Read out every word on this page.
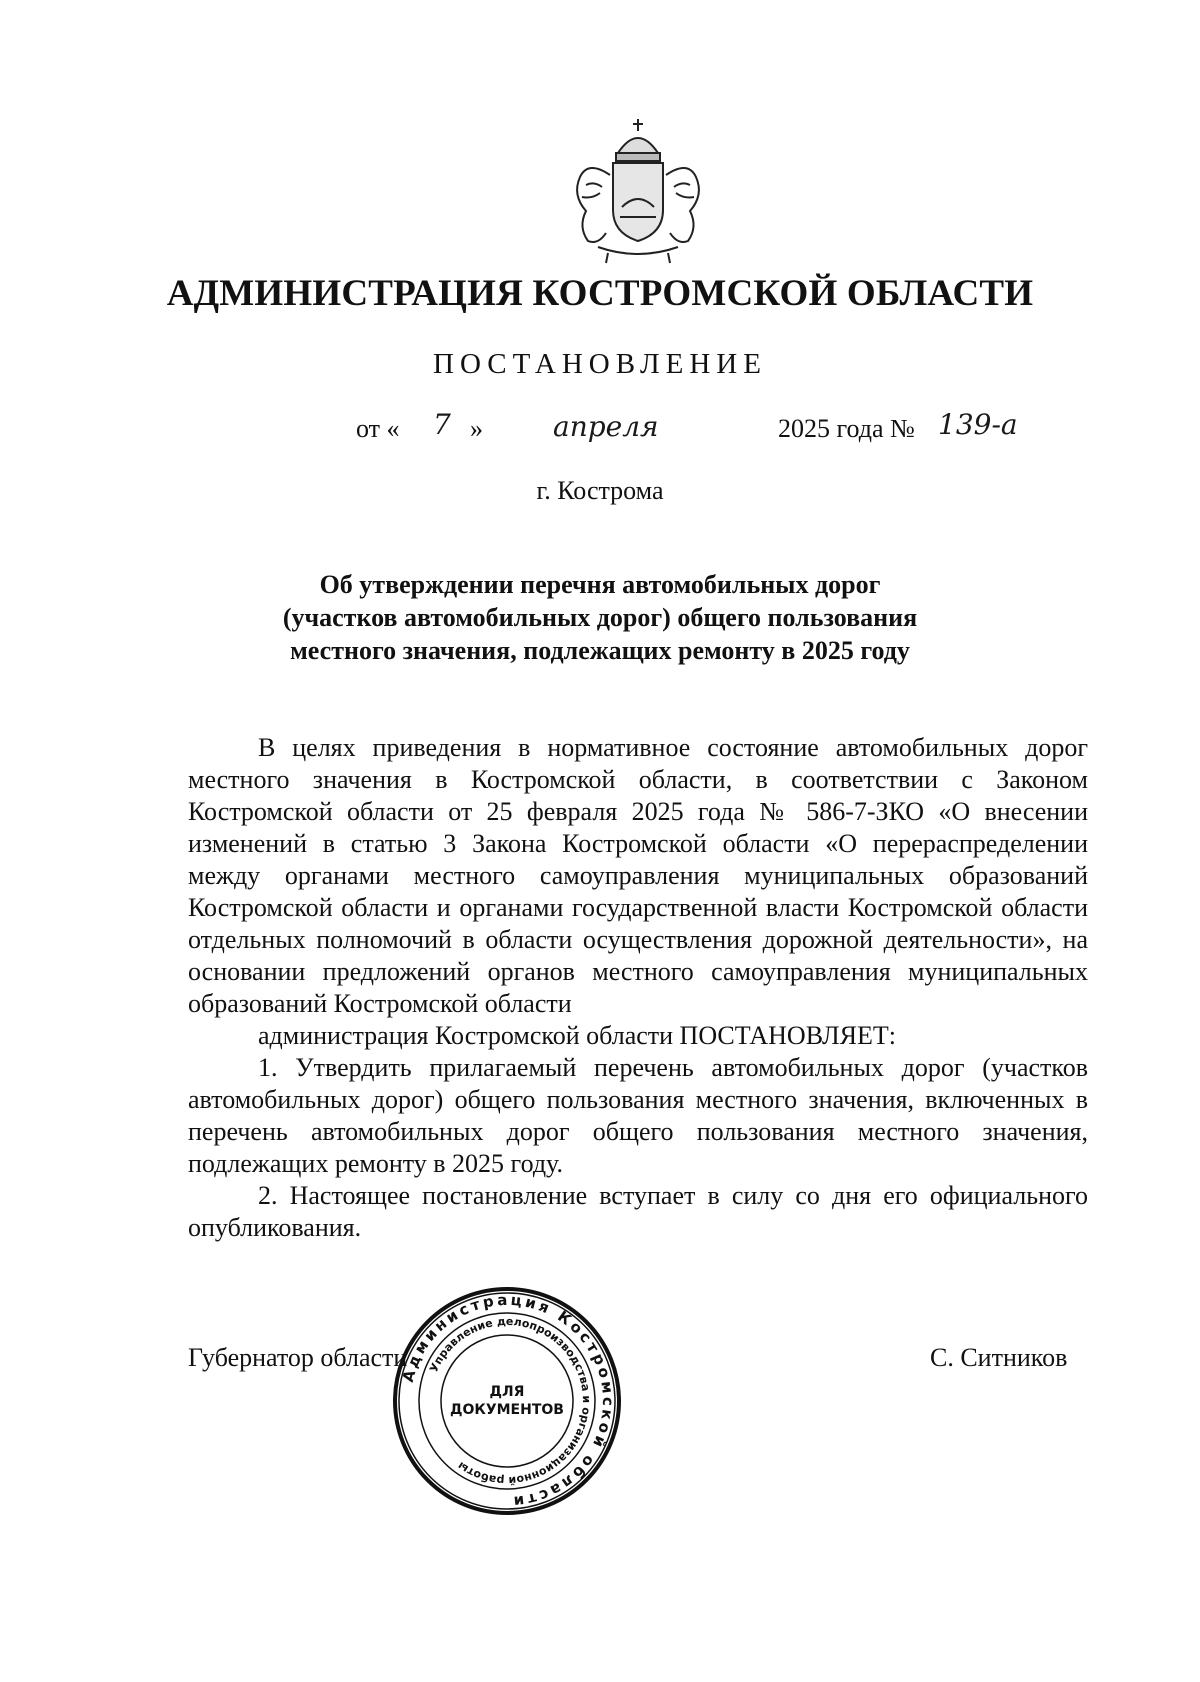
АДМИНИСТРАЦИЯ КОСТРОМСКОЙ ОБЛАСТИ
ПОСТАНОВЛЕНИЕ
от « 7 »	апреля	2025 года № 139-а
г. Кострома
Об утверждении перечня автомобильных дорог
(участков автомобильных дорог) общего пользования
местного значения, подлежащих ремонту в 2025 году

В целях приведения в нормативное состояние автомобильных дорог местного значения в Костромской области, в соответствии с Законом Костромской области от 25 февраля 2025 года № 586-7-ЗКО «О внесении изменений в статью 3 Закона Костромской области «О перераспределении между органами местного самоуправления муниципальных образований Костромской области и органами государственной власти Костромской области отдельных полномочий в области осуществления дорожной деятельности», на основании предложений органов местного самоуправления муниципальных образований Костромской области

администрация Костромской области ПОСТАНОВЛЯЕТ:

1. Утвердить прилагаемый перечень автомобильных дорог (участков автомобильных дорог) общего пользования местного значения, включенных в перечень автомобильных дорог общего пользования местного значения, подлежащих ремонту в 2025 году.

2. Настоящее постановление вступает в силу со дня его официального опубликования.

Губернатор области	С. Ситников
Администрация Костромской области
Управление делопроизводства и организационной работы
ДЛЯ
ДОКУМЕНТОВ
